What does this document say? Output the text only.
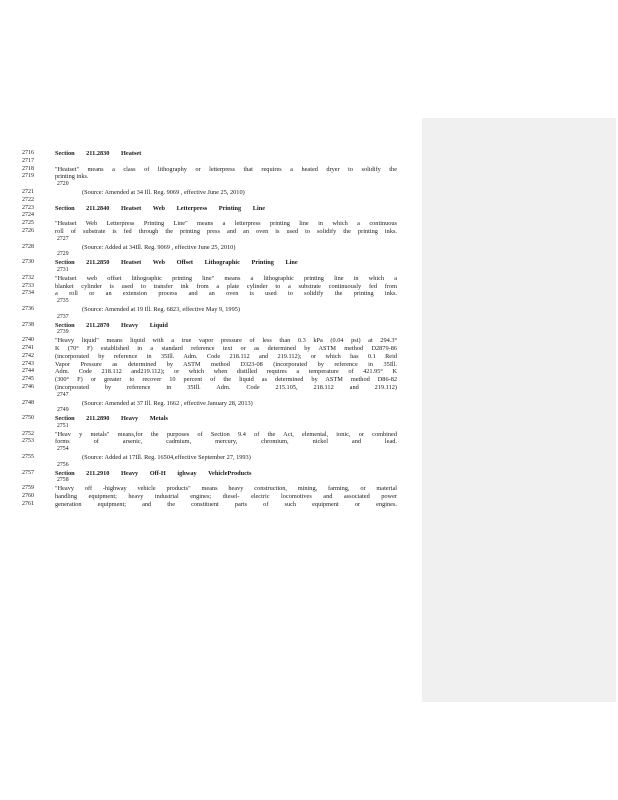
2716	Section 211.2830 Heatset
2717
2718	"Heatset" means a class of lithography or letterpress that requires a heated dryer to solidify the
2719	printing inks.
2720
2721	(Source: Amended at 34 Ill. Reg. 9069 , effective June 25, 2010)
2722
2723	Section 211.2840 Heatset Web Letterpress Printing Line
2724
2725	"Heatset Web Letterpress Printing Line" means a letterpress printing line in which a continuous
2726	roll of substrate is fed through the printing press and an oven is used to solidify the printing inks.
2727
2728	(Source: Added at 34Ill. Reg. 9069 , effective June 25, 2010)
2729
2730	Section 211.2850 Heatset Web Offset Lithographic Printing Line
2731
2732	"Heatset web offset lithographic printing line" means a lithographic printing line in which a
2733	blanket cylinder is used to transfer ink from a plate cylinder to a substrate continuously fed from
2734	a roll or an extension process and an oven is used to solidify the printing inks.
2735
2736	(Source: Amended at 19 Ill. Reg. 6823, effective May 9, 1995)
2737
2738	Section 211.2870 Heavy Liquid
2739
2740	"Heavy liquid" means liquid with a true vapor pressure of less than 0.3 kPa (0.04 psi) at 294.3°
2741	K (70° F) established in a standard reference text or as determined by ASTM method D2879-86
2742	(incorporated by reference in 35Ill. Adm. Code 218.112 and 219.112); or which has 0.1 Reid
2743	Vapor Pressure as determined by ASTM method D323-08 (incorporated by reference in 35Ill.
2744	Adm. Code 218.112 and219.112); or which when distilled requires a temperature of 421.95° K
2745	(300° F) or greater to recover 10 percent of the liquid as determined by ASTM method D86-82
2746	(incorporated by reference in 35Ill. Adm. Code 215.105, 218.112 and 219.112)
2747
2748	(Source: Amended at 37 Ill. Reg. 1662 , effective January 28, 2013)
2749
2750	Section 211.2890 Heavy Metals
2751
2752	"Heav y metals" means,for the purposes of Section 9.4 of the Act, elemental, ionic, or combined
2753	forms of arsenic, cadmium, mercury, chromium, nickel and lead.
2754
2755	(Source: Added at 17Ill. Reg. 16504,effective September 27, 1993)
2756
2757	Section 211.2910 Heavy Off-H ighway VehicleProducts
2758
2759	"Heavy off -highway vehicle products" means heavy construction, mining, farming, or material
2760	handling equipment; heavy industrial engines; diesel- electric locomotives and associated power
2761	generation equipment; and the constituent parts of such equipment or engines.
